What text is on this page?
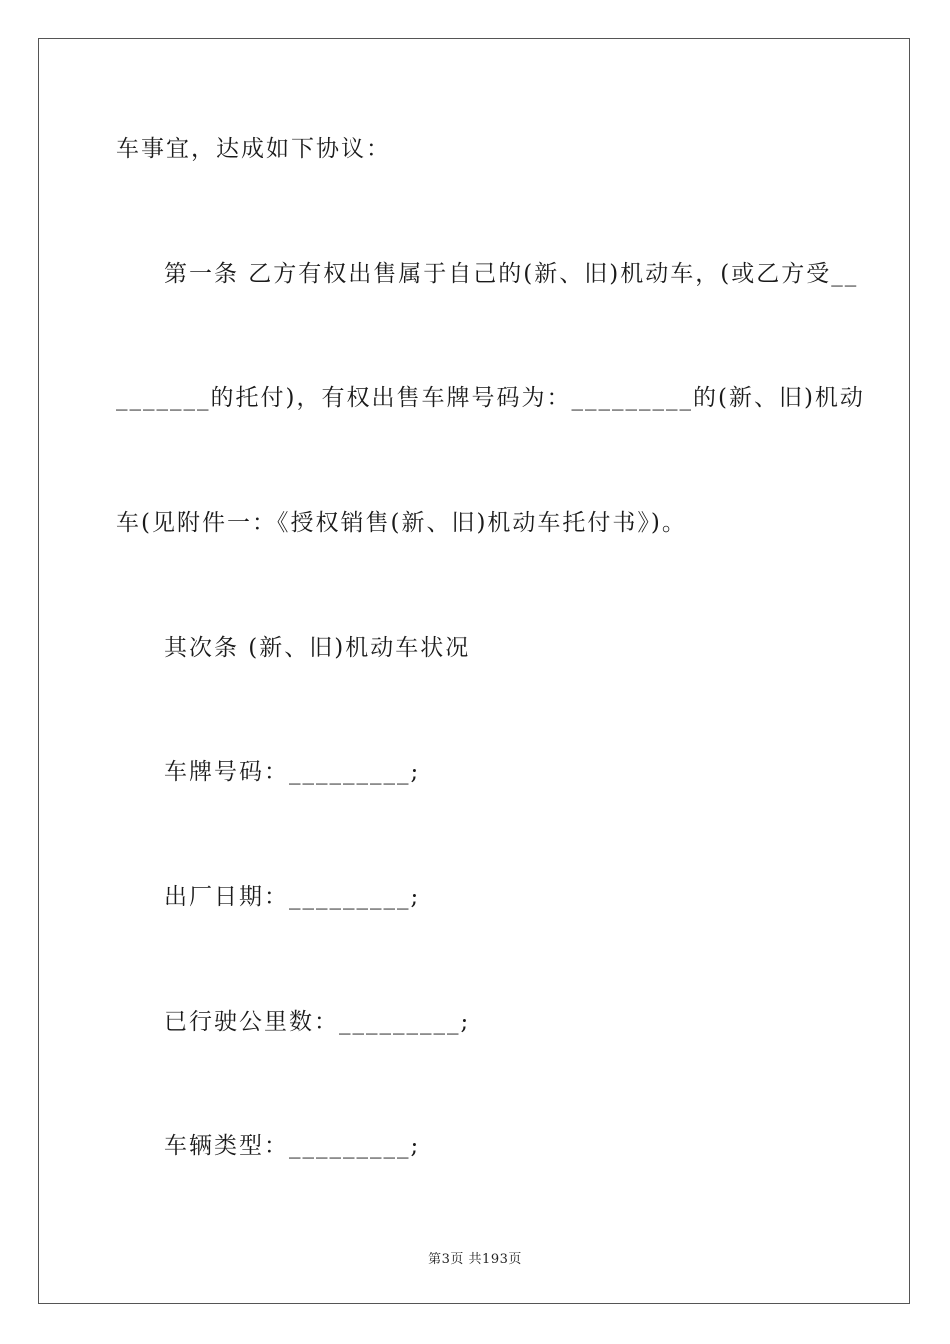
车事宜，达成如下协议：
第一条 乙方有权出售属于自己的(新、旧)机动车，(或乙方受__
_______的托付)，有权出售车牌号码为：_________的(新、旧)机动
车(见附件一：《授权销售(新、旧)机动车托付书》)。
其次条 (新、旧)机动车状况
车牌号码：_________;
出厂日期：_________;
已行驶公里数：_________;
车辆类型：_________;
第3页 共193页
